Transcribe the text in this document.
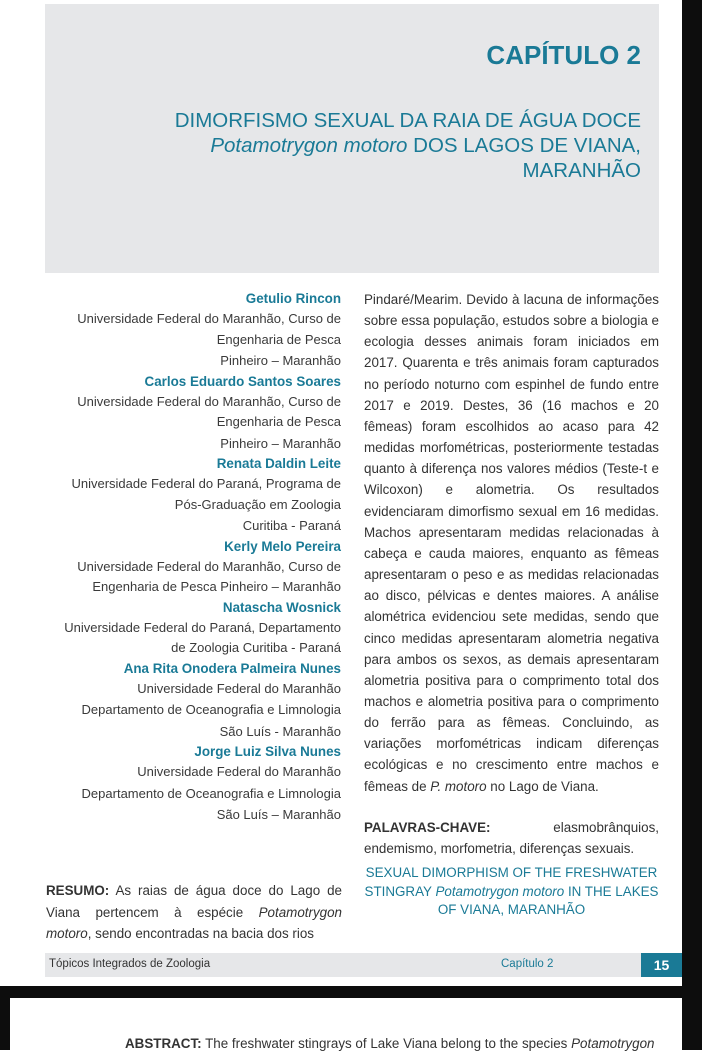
CAPÍTULO 2
DIMORFISMO SEXUAL DA RAIA DE ÁGUA DOCE
Potamotrygon motoro DOS LAGOS DE VIANA,
MARANHÃO
Getulio Rincon
Universidade Federal do Maranhão, Curso de
Engenharia de Pesca
Pinheiro – Maranhão
Carlos Eduardo Santos Soares
Universidade Federal do Maranhão, Curso de
Engenharia de Pesca
Pinheiro – Maranhão
Renata Daldin Leite
Universidade Federal do Paraná, Programa de
Pós-Graduação em Zoologia
Curitiba - Paraná
Kerly Melo Pereira
Universidade Federal do Maranhão, Curso de
Engenharia de Pesca Pinheiro – Maranhão
Natascha Wosnick
Universidade Federal do Paraná, Departamento
de Zoologia Curitiba - Paraná
Ana Rita Onodera Palmeira Nunes
Universidade Federal do Maranhão
Departamento de Oceanografia e Limnologia
São Luís - Maranhão
Jorge Luiz Silva Nunes
Universidade Federal do Maranhão
Departamento de Oceanografia e Limnologia
São Luís – Maranhão
RESUMO: As raias de água doce do Lago de Viana pertencem à espécie Potamotrygon motoro, sendo encontradas na bacia dos rios
Pindaré/Mearim. Devido à lacuna de informações sobre essa população, estudos sobre a biologia e ecologia desses animais foram iniciados em 2017. Quarenta e três animais foram capturados no período noturno com espinhel de fundo entre 2017 e 2019. Destes, 36 (16 machos e 20 fêmeas) foram escolhidos ao acaso para 42 medidas morfométricas, posteriormente testadas quanto à diferença nos valores médios (Teste-t e Wilcoxon) e alometria. Os resultados evidenciaram dimorfismo sexual em 16 medidas. Machos apresentaram medidas relacionadas à cabeça e cauda maiores, enquanto as fêmeas apresentaram o peso e as medidas relacionadas ao disco, pélvicas e dentes maiores. A análise alométrica evidenciou sete medidas, sendo que cinco medidas apresentaram alometria negativa para ambos os sexos, as demais apresentaram alometria positiva para o comprimento total dos machos e alometria positiva para o comprimento do ferrão para as fêmeas. Concluindo, as variações morfométricas indicam diferenças ecológicas e no crescimento entre machos e fêmeas de P. motoro no Lago de Viana.
PALAVRAS-CHAVE: elasmobrânquios, endemismo, morfometria, diferenças sexuais.
SEXUAL DIMORPHISM OF THE FRESHWATER STINGRAY Potamotrygon motoro IN THE LAKES OF VIANA, MARANHÃO
Tópicos Integrados de Zoologia	Capítulo 2	15
ABSTRACT: The freshwater stingrays of Lake Viana belong to the species Potamotrygon
